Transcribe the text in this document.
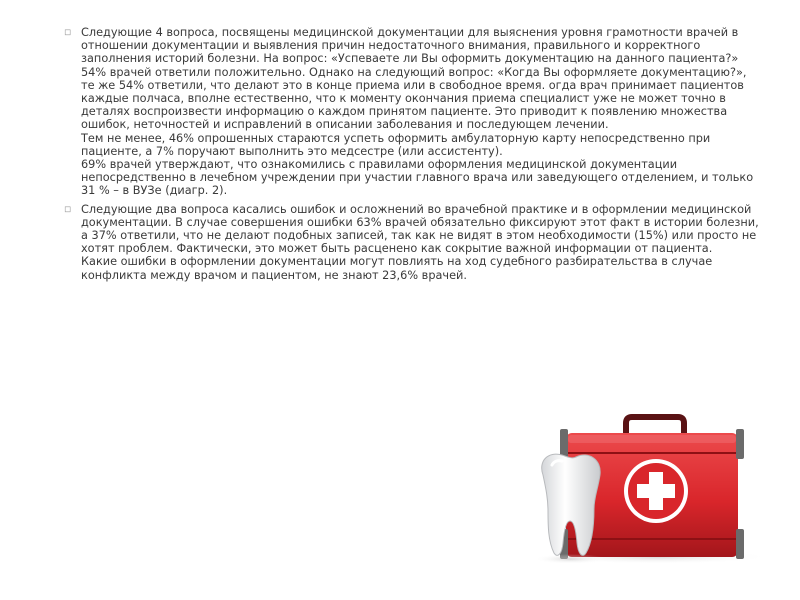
◽ Следующие 4 вопроса, посвящены медицинской документации для выяснения уровня грамотности врачей в отношении документации и выявления причин недостаточного внимания, правильного и корректного заполнения историй болезни. На вопрос: «Успеваете ли Вы оформить документацию на данного пациента?» 54% врачей ответили положительно. Однако на следующий вопрос: «Когда Вы оформляете документацию?», те же 54% ответили, что делают это в конце приема или в свободное время. огда врач принимает пациентов каждые полчаса, вполне естественно, что к моменту окончания приема специалист уже не может точно в деталях воспроизвести информацию о каждом принятом пациенте. Это приводит к появлению множества ошибок, неточностей и исправлений в описании заболевания и последующем лечении.

Тем не менее, 46% опрошенных стараются успеть оформить амбулаторную карту непосредственно при пациенте, а 7% поручают выполнить это медсестре (или ассистенту).

69% врачей утверждают, что ознакомились с правилами оформления медицинской документации непосредственно в лечебном учреждении при участии главного врача или заведующего отделением, и только 31 % – в ВУЗе (диагр. 2).

◽ Следующие два вопроса касались ошибок и осложнений во врачебной практике и в оформлении медицинской документации. В случае совершения ошибки 63% врачей обязательно фиксируют этот факт в истории болезни, а 37% ответили, что не делают подобных записей, так как не видят в этом необходимости (15%) или просто не хотят проблем. Фактически, это может быть расценено как сокрытие важной информации от пациента.

Какие ошибки в оформлении документации могут повлиять на ход судебного разбирательства в случае конфликта между врачом и пациентом, не знают 23,6% врачей.
